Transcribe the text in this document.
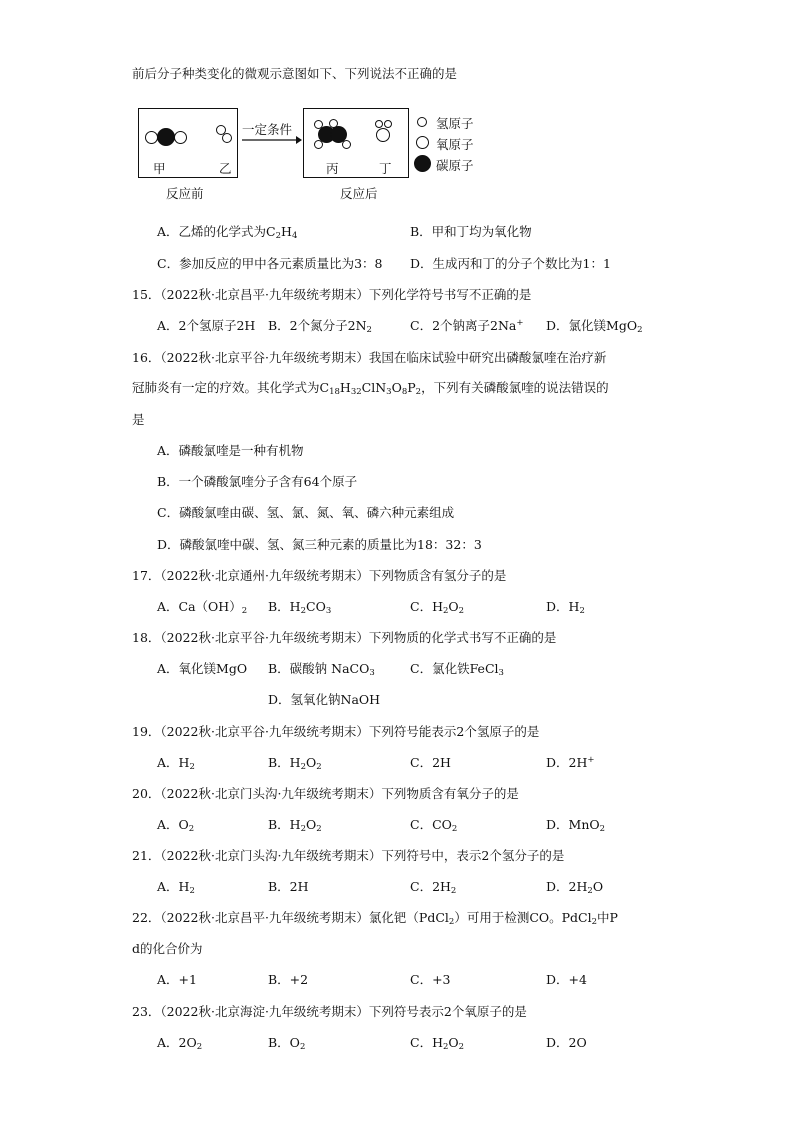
前后分子种类变化的微观示意图如下、下列说法不正确的是
甲	乙
一定条件
丙	丁
氢原子
氧原子
碳原子
反应前	反应后
A．乙烯的化学式为$C_2H_4$	B．甲和丁均为氧化物
C．参加反应的甲中各元素质量比为3：8 D．生成丙和丁的分子个数比为1：1
15．（2022秋·北京昌平·九年级统考期末）下列化学符号书写不正确的是
A．2个氢原子2H B．2个氮分子$2N_2$	C．2个钠离子2Na+ D．氯化镁MgO$_2$
16．（2022秋·北京平谷·九年级统考期末）我国在临床试验中研究出磷酸氯喹在治疗新
冠肺炎有一定的疗效。其化学式为$C_{18}H_{32}ClN_3O_8P_2$，下列有关磷酸氯喹的说法错误的
是
A．磷酸氯喹是一种有机物
B．一个磷酸氯喹分子含有64个原子
C．磷酸氯喹由碳、氢、氯、氮、氧、磷六种元素组成
D．磷酸氯喹中碳、氢、氮三种元素的质量比为18：32：3
17．（2022秋·北京通州·九年级统考期末）下列物质含有氢分子的是
A．$Ca(OH)_2$ B．$H_2CO_3$	C．$H_2O_2$	D．$H_2$
18．（2022秋·北京平谷·九年级统考期末）下列物质的化学式书写不正确的是
A．氧化镁MgO B．碳酸钠 NaCO$_3$	C．氯化铁FeCl$_3$
D．氢氧化钠NaOH
19．（2022秋·北京平谷·九年级统考期末）下列符号能表示2个氢原子的是
A．$H_2$	B．$H_2O_2$	C．2H	D．2H+
20．（2022秋·北京门头沟·九年级统考期末）下列物质含有氧分子的是
A．$O_2$	B．$H_2O_2$	C．$CO_2$	D．MnO$_2$
21．（2022秋·北京门头沟·九年级统考期末）下列符号中，表示2个氢分子的是
A．$H_2$	B．2H	C．$2H_2$	D．$2H_2O$
22．（2022秋·北京昌平·九年级统考期末）氯化钯（PdCl$_2$）可用于检测CO。PdCl$_2$中P
d的化合价为
A．+1	B．+2	C．+3	D．+4
23．（2022秋·北京海淀·九年级统考期末）下列符号表示2个氧原子的是
A．$2O_2$	B．$O_2$	C．$H_2O_2$	D．2O
